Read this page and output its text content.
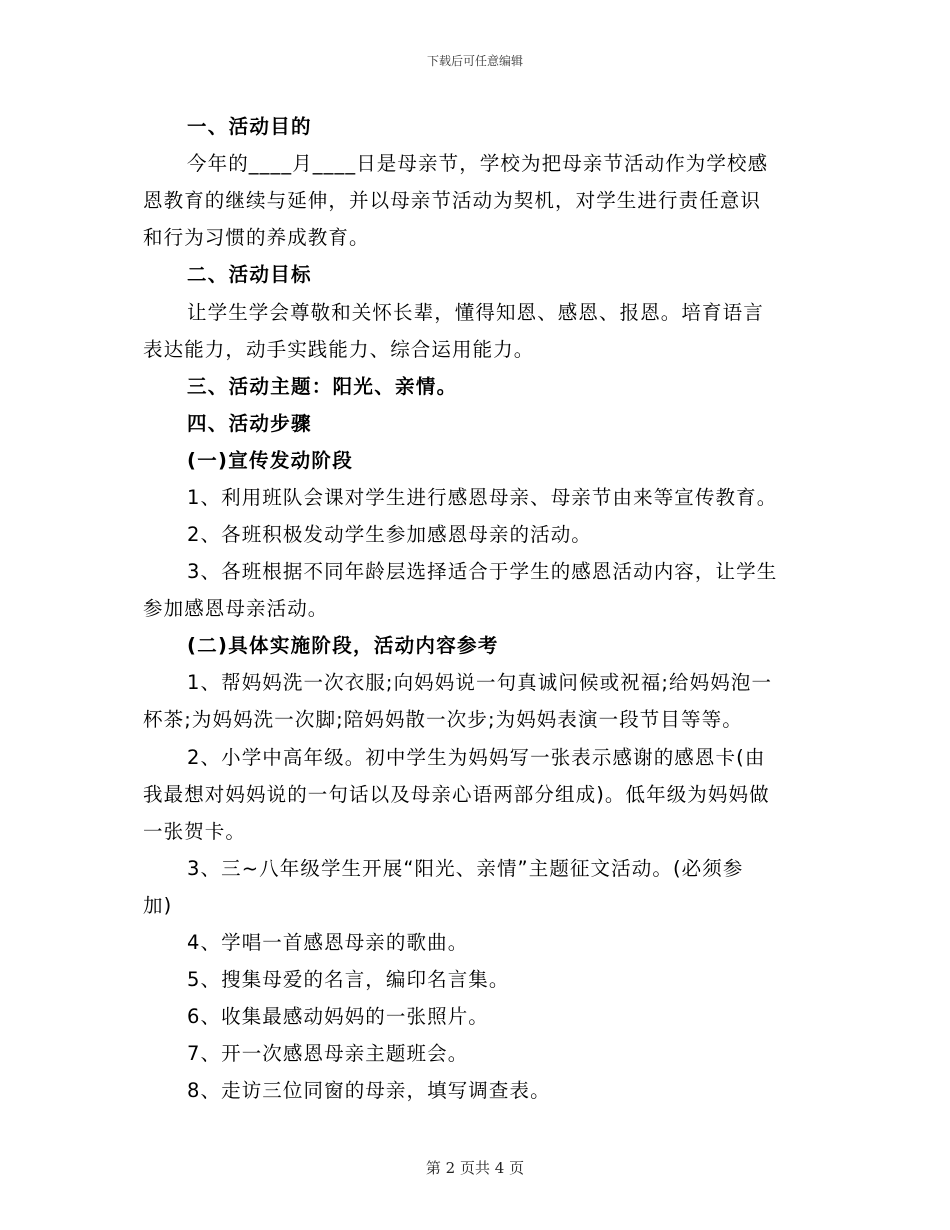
下载后可任意编辑
一、活动目的
今年的____月____日是母亲节，学校为把母亲节活动作为学校感
恩教育的继续与延伸，并以母亲节活动为契机，对学生进行责任意识
和行为习惯的养成教育。
二、活动目标
让学生学会尊敬和关怀长辈，懂得知恩、感恩、报恩。培育语言
表达能力，动手实践能力、综合运用能力。
三、活动主题：阳光、亲情。
四、活动步骤
(一)宣传发动阶段
1、利用班队会课对学生进行感恩母亲、母亲节由来等宣传教育。
2、各班积极发动学生参加感恩母亲的活动。
3、各班根据不同年龄层选择适合于学生的感恩活动内容，让学生
参加感恩母亲活动。
(二)具体实施阶段，活动内容参考
1、帮妈妈洗一次衣服;向妈妈说一句真诚问候或祝福;给妈妈泡一
杯茶;为妈妈洗一次脚;陪妈妈散一次步;为妈妈表演一段节目等等。
2、小学中高年级。初中学生为妈妈写一张表示感谢的感恩卡(由
我最想对妈妈说的一句话以及母亲心语两部分组成)。低年级为妈妈做
一张贺卡。
3、三~八年级学生开展“阳光、亲情”主题征文活动。(必须参
加)
4、学唱一首感恩母亲的歌曲。
5、搜集母爱的名言，编印名言集。
6、收集最感动妈妈的一张照片。
7、开一次感恩母亲主题班会。
8、走访三位同窗的母亲，填写调查表。
第 2 页共 4 页
